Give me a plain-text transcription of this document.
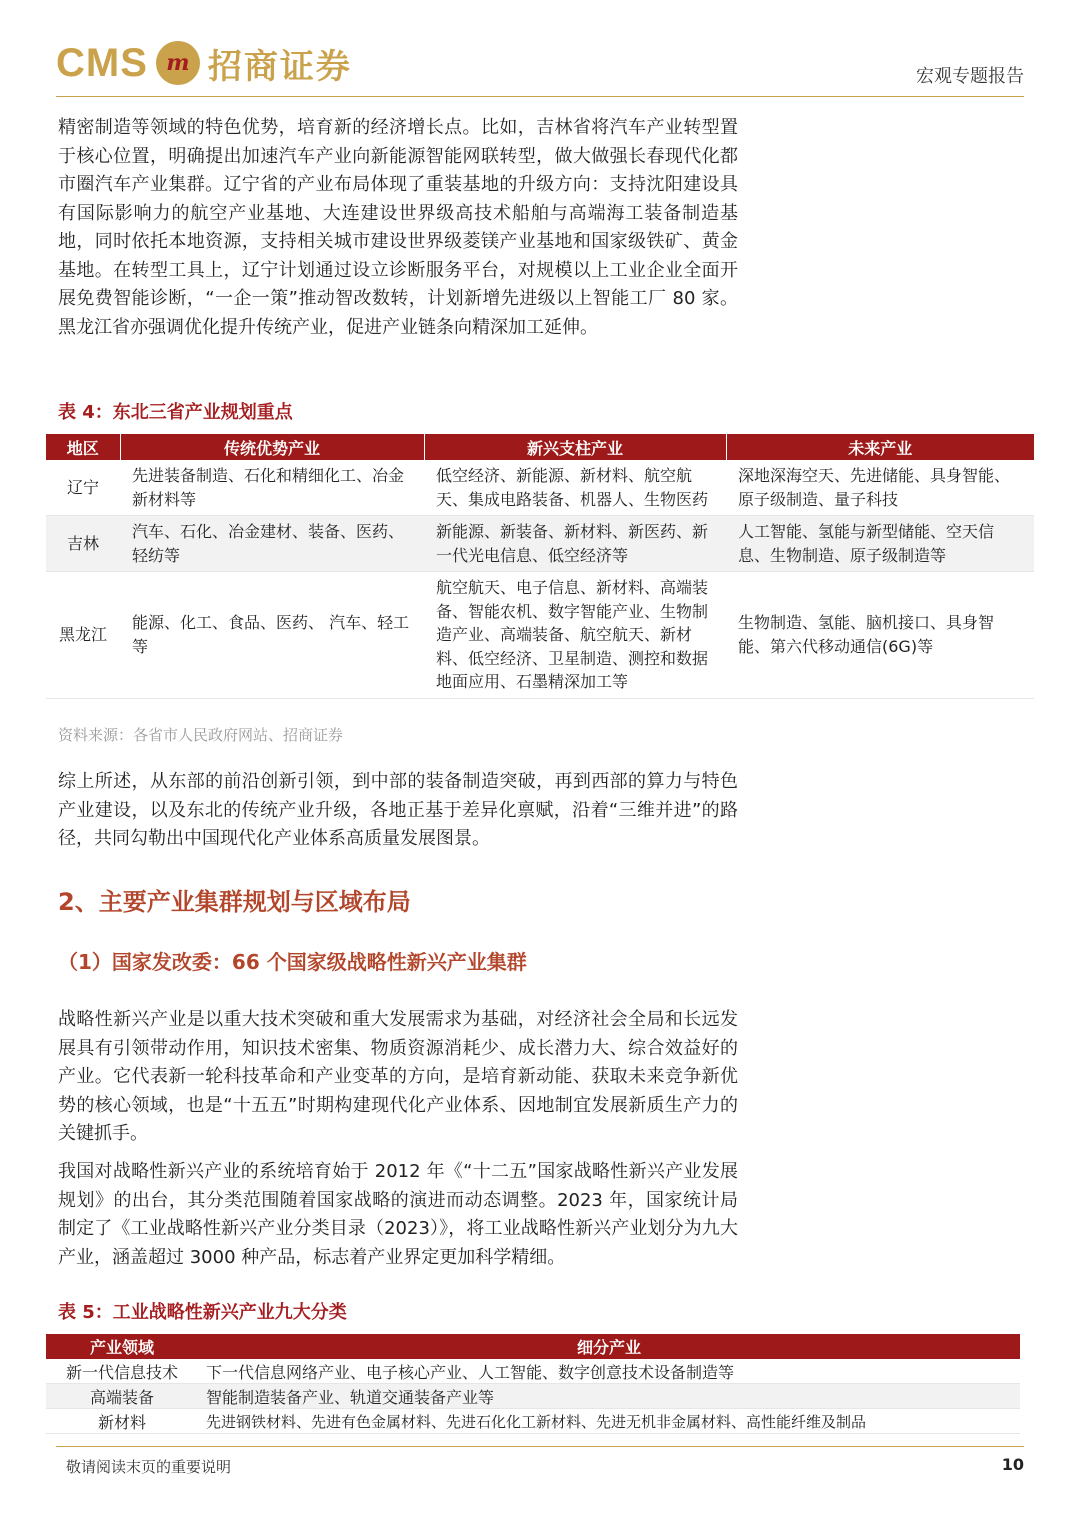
CMS m 招商证券	宏观专题报告
精密制造等领域的特色优势，培育新的经济增长点。比如，吉林省将汽车产业转型置于核心位置，明确提出加速汽车产业向新能源智能网联转型，做大做强长春现代化都市圈汽车产业集群。辽宁省的产业布局体现了重装基地的升级方向：支持沈阳建设具有国际影响力的航空产业基地、大连建设世界级高技术船舶与高端海工装备制造基地，同时依托本地资源，支持相关城市建设世界级菱镁产业基地和国家级铁矿、黄金基地。在转型工具上，辽宁计划通过设立诊断服务平台，对规模以上工业企业全面开展免费智能诊断，“一企一策”推动智改数转，计划新增先进级以上智能工厂 80 家。黑龙江省亦强调优化提升传统产业，促进产业链条向精深加工延伸。
表 4：东北三省产业规划重点
地区	传统优势产业	新兴支柱产业	未来产业
辽宁	先进装备制造、石化和精细化工、冶金新材料等	低空经济、新能源、新材料、航空航天、集成电路装备、机器人、生物医药	深地深海空天、先进储能、具身智能、原子级制造、量子科技
吉林	汽车、石化、冶金建材、装备、医药、轻纺等	新能源、新装备、新材料、新医药、新一代光电信息、低空经济等	人工智能、氢能与新型储能、空天信息、生物制造、原子级制造等
黑龙江	能源、化工、食品、医药、 汽车、轻工等	航空航天、电子信息、新材料、高端装备、智能农机、数字智能产业、生物制造产业、高端装备、航空航天、新材料、低空经济、卫星制造、测控和数据地面应用、石墨精深加工等	生物制造、氢能、脑机接口、具身智能、第六代移动通信(6G)等
资料来源：各省市人民政府网站、招商证券
综上所述，从东部的前沿创新引领，到中部的装备制造突破，再到西部的算力与特色产业建设，以及东北的传统产业升级，各地正基于差异化禀赋，沿着“三维并进”的路径，共同勾勒出中国现代化产业体系高质量发展图景。
2、主要产业集群规划与区域布局
（1）国家发改委：66 个国家级战略性新兴产业集群
战略性新兴产业是以重大技术突破和重大发展需求为基础，对经济社会全局和长远发展具有引领带动作用，知识技术密集、物质资源消耗少、成长潜力大、综合效益好的产业。它代表新一轮科技革命和产业变革的方向，是培育新动能、获取未来竞争新优势的核心领域，也是“十五五”时期构建现代化产业体系、因地制宜发展新质生产力的关键抓手。
我国对战略性新兴产业的系统培育始于 2012 年《“十二五”国家战略性新兴产业发展规划》的出台，其分类范围随着国家战略的演进而动态调整。2023 年，国家统计局制定了《工业战略性新兴产业分类目录（2023）》，将工业战略性新兴产业划分为九大产业，涵盖超过 3000 种产品，标志着产业界定更加科学精细。
表 5：工业战略性新兴产业九大分类
产业领域	细分产业
新一代信息技术	下一代信息网络产业、电子核心产业、人工智能、数字创意技术设备制造等
高端装备	智能制造装备产业、轨道交通装备产业等
新材料	先进钢铁材料、先进有色金属材料、先进石化化工新材料、先进无机非金属材料、高性能纤维及制品
敬请阅读末页的重要说明	10
